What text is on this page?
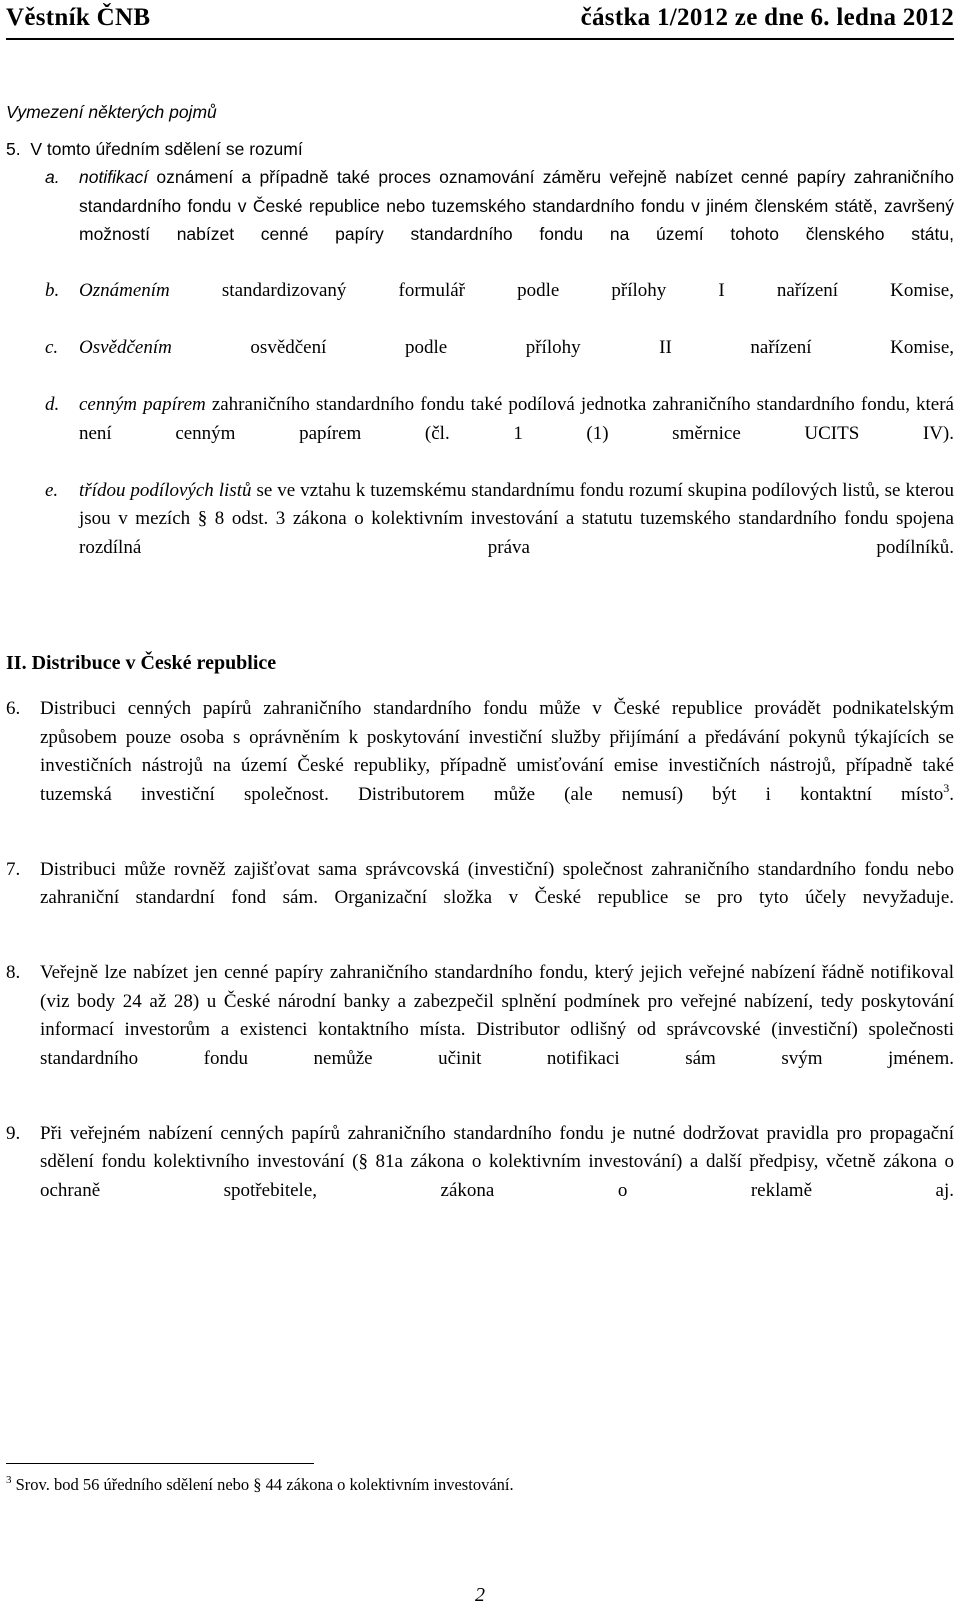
Věstník ČNB	částka 1/2012 ze dne 6. ledna 2012

Vymezení některých pojmů

5. V tomto úředním sdělení se rozumí

a. notifikací oznámení a případně také proces oznamování záměru veřejně nabízet cenné papíry zahraničního standardního fondu v České republice nebo tuzemského standardního fondu v jiném členském státě, završený možností nabízet cenné papíry standardního fondu na území tohoto členského státu,

b. Oznámením standardizovaný formulář podle přílohy I nařízení Komise,

c. Osvědčením osvědčení podle přílohy II nařízení Komise,

d. cenným papírem zahraničního standardního fondu také podílová jednotka zahraničního standardního fondu, která není cenným papírem (čl. 1 (1) směrnice UCITS IV).

e. třídou podílových listů se ve vztahu k tuzemskému standardnímu fondu rozumí skupina podílových listů, se kterou jsou v mezích § 8 odst. 3 zákona o kolektivním investování a statutu tuzemského standardního fondu spojena rozdílná práva podílníků.

II. Distribuce v České republice

6. Distribuci cenných papírů zahraničního standardního fondu může v České republice provádět podnikatelským způsobem pouze osoba s oprávněním k poskytování investiční služby přijímání a předávání pokynů týkajících se investičních nástrojů na území České republiky, případně umisťování emise investičních nástrojů, případně také tuzemská investiční společnost. Distributorem může (ale nemusí) být i kontaktní místo$^3$.

7. Distribuci může rovněž zajišťovat sama správcovská (investiční) společnost zahraničního standardního fondu nebo zahraniční standardní fond sám. Organizační složka v České republice se pro tyto účely nevyžaduje.

8. Veřejně lze nabízet jen cenné papíry zahraničního standardního fondu, který jejich veřejné nabízení řádně notifikoval (viz body 24 až 28) u České národní banky a zabezpečil splnění podmínek pro veřejné nabízení, tedy poskytování informací investorům a existenci kontaktního místa. Distributor odlišný od správcovské (investiční) společnosti standardního fondu nemůže učinit notifikaci sám svým jménem.

9. Při veřejném nabízení cenných papírů zahraničního standardního fondu je nutné dodržovat pravidla pro propagační sdělení fondu kolektivního investování (§ 81a zákona o kolektivním investování) a další předpisy, včetně zákona o ochraně spotřebitele, zákona o reklamě aj.

$^3$ Srov. bod 56 úředního sdělení nebo § 44 zákona o kolektivním investování.
2
